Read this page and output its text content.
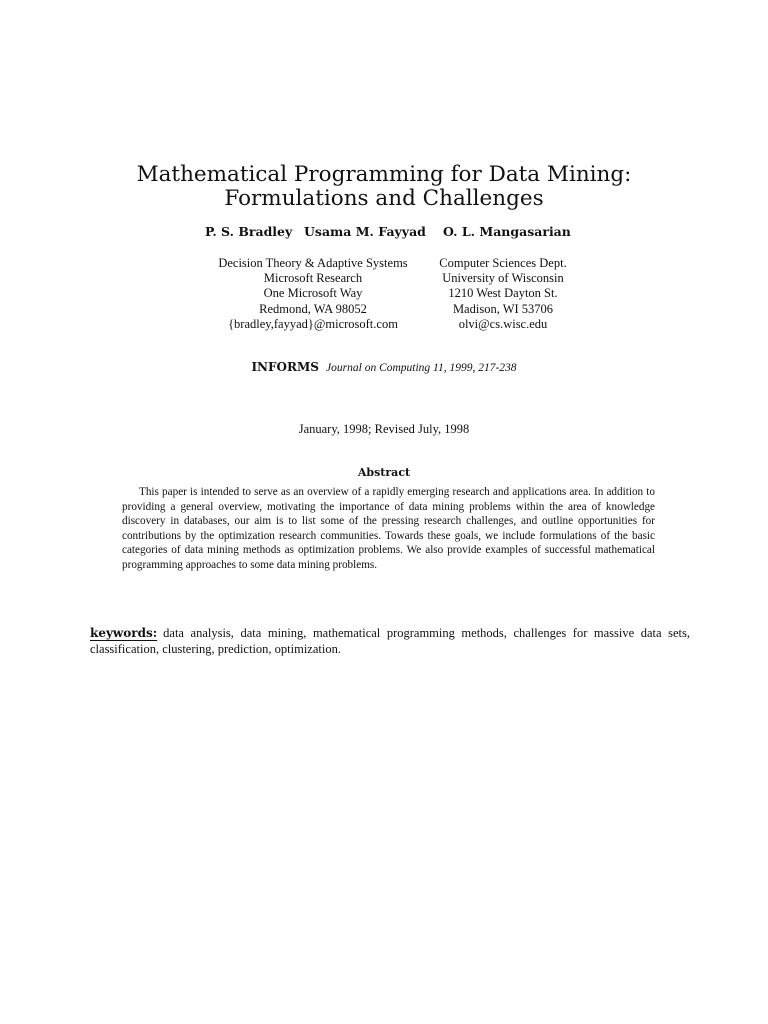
Mathematical Programming for Data Mining:
Formulations and Challenges
P. S. Bradley Usama M. Fayyad O. L. Mangasarian
Decision Theory & Adaptive Systems
Microsoft Research
One Microsoft Way
Redmond, WA 98052
{bradley,fayyad}@microsoft.com
Computer Sciences Dept.
University of Wisconsin
1210 West Dayton St.
Madison, WI 53706
olvi@cs.wisc.edu
INFORMS Journal on Computing 11, 1999, 217-238
January, 1998; Revised July, 1998
Abstract
This paper is intended to serve as an overview of a rapidly emerging research and applications area. In addition to providing a general overview, motivating the importance of data mining problems within the area of knowledge discovery in databases, our aim is to list some of the pressing research challenges, and outline opportunities for contributions by the optimization research communities. Towards these goals, we include formulations of the basic categories of data mining methods as optimization problems. We also provide examples of successful mathematical programming approaches to some data mining problems.
keywords: data analysis, data mining, mathematical programming methods, challenges for massive data sets, classification, clustering, prediction, optimization.
